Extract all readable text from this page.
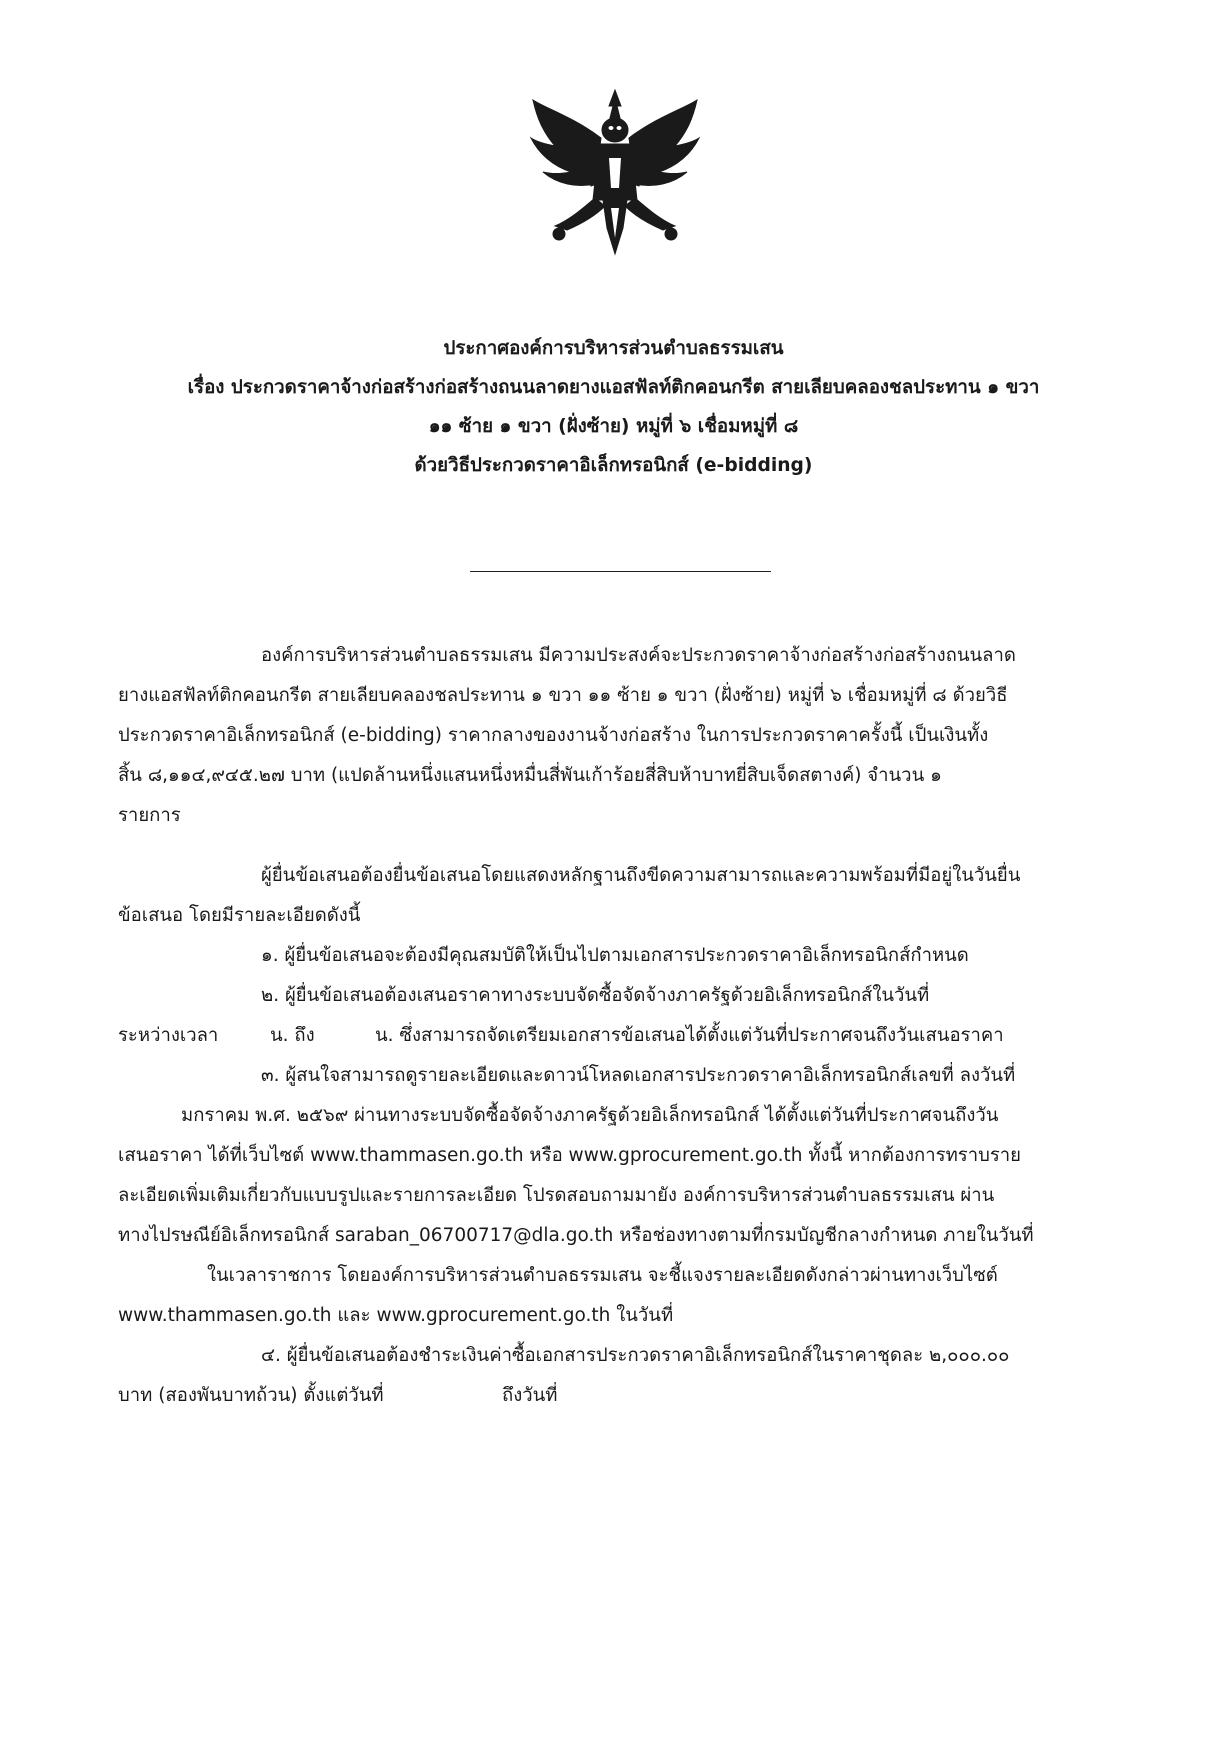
ประกาศองค์การบริหารส่วนตำบลธรรมเสน
เรื่อง ประกวดราคาจ้างก่อสร้างก่อสร้างถนนลาดยางแอสฟัลท์ติกคอนกรีต สายเลียบคลองชลประทาน ๑ ขวา
๑๑ ซ้าย ๑ ขวา (ฝั่งซ้าย) หมู่ที่ ๖ เชื่อมหมู่ที่ ๘
ด้วยวิธีประกวดราคาอิเล็กทรอนิกส์ (e-bidding)
องค์การบริหารส่วนตำบลธรรมเสน มีความประสงค์จะประกวดราคาจ้างก่อสร้างก่อสร้างถนนลาด
ยางแอสฟัลท์ติกคอนกรีต สายเลียบคลองชลประทาน ๑ ขวา ๑๑ ซ้าย ๑ ขวา (ฝั่งซ้าย) หมู่ที่ ๖ เชื่อมหมู่ที่ ๘ ด้วยวิธี
ประกวดราคาอิเล็กทรอนิกส์ (e-bidding) ราคากลางของงานจ้างก่อสร้าง ในการประกวดราคาครั้งนี้ เป็นเงินทั้ง
สิ้น ๘,๑๑๔,๙๔๕.๒๗ บาท (แปดล้านหนึ่งแสนหนึ่งหมื่นสี่พันเก้าร้อยสี่สิบห้าบาทยี่สิบเจ็ดสตางค์) จำนวน ๑
รายการ
ผู้ยื่นข้อเสนอต้องยื่นข้อเสนอโดยแสดงหลักฐานถึงขีดความสามารถและความพร้อมที่มีอยู่ในวันยื่น
ข้อเสนอ โดยมีรายละเอียดดังนี้
๑. ผู้ยื่นข้อเสนอจะต้องมีคุณสมบัติให้เป็นไปตามเอกสารประกวดราคาอิเล็กทรอนิกส์กำหนด
๒. ผู้ยื่นข้อเสนอต้องเสนอราคาทางระบบจัดซื้อจัดจ้างภาครัฐด้วยอิเล็กทรอนิกส์ในวันที่
ระหว่างเวลา	น. ถึง	น. ซึ่งสามารถจัดเตรียมเอกสารข้อเสนอได้ตั้งแต่วันที่ประกาศจนถึงวันเสนอราคา
๓. ผู้สนใจสามารถดูรายละเอียดและดาวน์โหลดเอกสารประกวดราคาอิเล็กทรอนิกส์เลขที่ ลงวันที่
มกราคม พ.ศ. ๒๕๖๙ ผ่านทางระบบจัดซื้อจัดจ้างภาครัฐด้วยอิเล็กทรอนิกส์ ได้ตั้งแต่วันที่ประกาศจนถึงวัน
เสนอราคา ได้ที่เว็บไซต์ www.thammasen.go.th หรือ www.gprocurement.go.th ทั้งนี้ หากต้องการทราบราย
ละเอียดเพิ่มเติมเกี่ยวกับแบบรูปและรายการละเอียด โปรดสอบถามมายัง องค์การบริหารส่วนตำบลธรรมเสน ผ่าน
ทางไปรษณีย์อิเล็กทรอนิกส์ saraban_06700717@dla.go.th หรือช่องทางตามที่กรมบัญชีกลางกำหนด ภายในวันที่
ในเวลาราชการ โดยองค์การบริหารส่วนตำบลธรรมเสน จะชี้แจงรายละเอียดดังกล่าวผ่านทางเว็บไซต์
www.thammasen.go.th และ www.gprocurement.go.th ในวันที่
๔. ผู้ยื่นข้อเสนอต้องชำระเงินค่าซื้อเอกสารประกวดราคาอิเล็กทรอนิกส์ในราคาชุดละ ๒,๐๐๐.๐๐
บาท (สองพันบาทถ้วน) ตั้งแต่วันที่	ถึงวันที่
